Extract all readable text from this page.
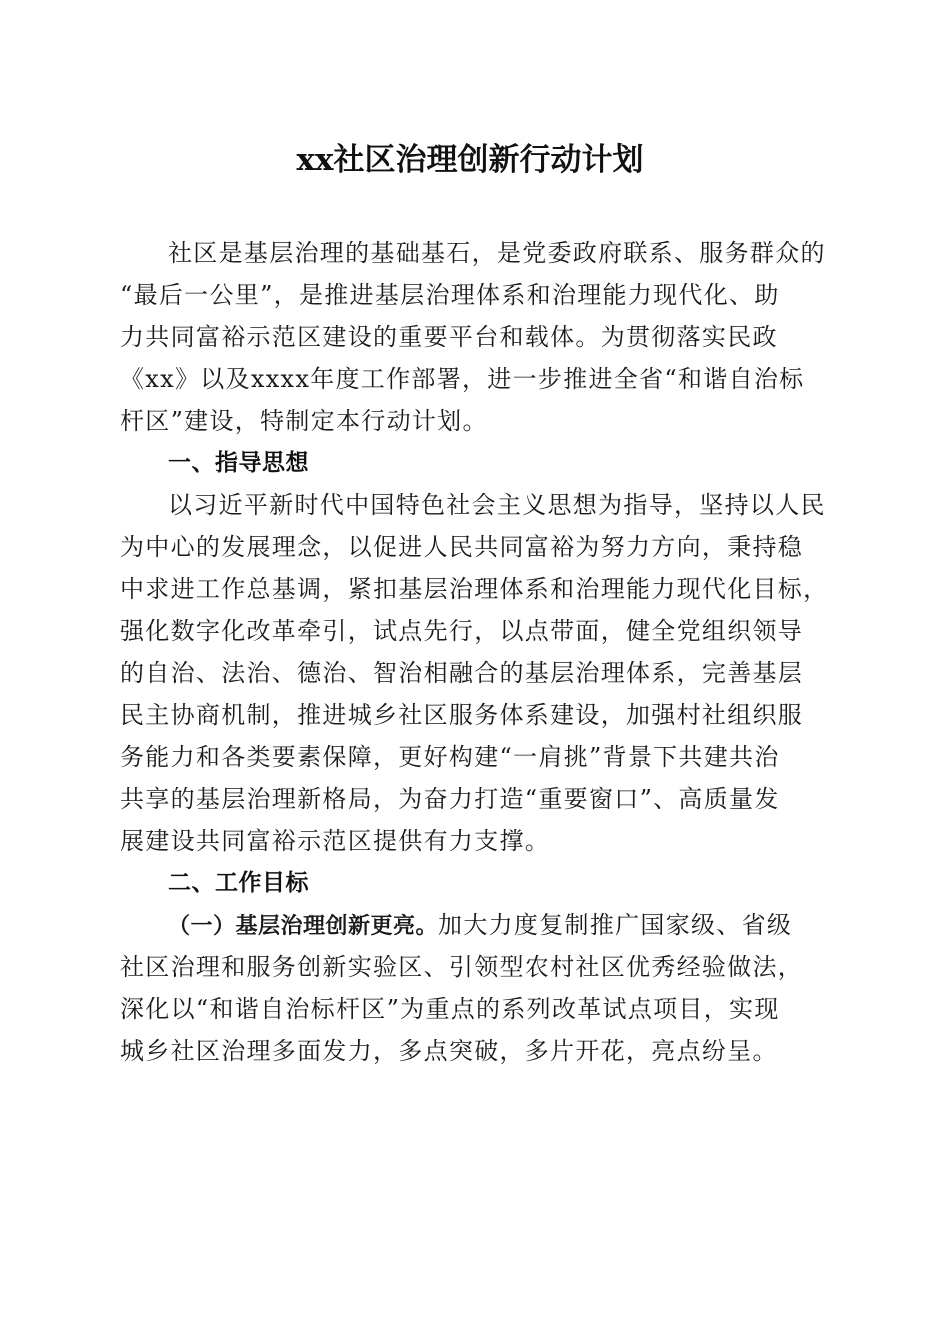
xx社区治理创新行动计划
社区是基层治理的基础基石，是党委政府联系、服务群众的
“最后一公里”，是推进基层治理体系和治理能力现代化、助
力共同富裕示范区建设的重要平台和载体。为贯彻落实民政
《xx》以及xxxx年度工作部署，进一步推进全省“和谐自治标
杆区”建设，特制定本行动计划。
一、指导思想
以习近平新时代中国特色社会主义思想为指导，坚持以人民
为中心的发展理念，以促进人民共同富裕为努力方向，秉持稳
中求进工作总基调，紧扣基层治理体系和治理能力现代化目标，
强化数字化改革牵引，试点先行，以点带面，健全党组织领导
的自治、法治、德治、智治相融合的基层治理体系，完善基层
民主协商机制，推进城乡社区服务体系建设，加强村社组织服
务能力和各类要素保障，更好构建“一肩挑”背景下共建共治
共享的基层治理新格局，为奋力打造“重要窗口”、高质量发
展建设共同富裕示范区提供有力支撑。
二、工作目标
（一）基层治理创新更亮。加大力度复制推广国家级、省级
社区治理和服务创新实验区、引领型农村社区优秀经验做法，
深化以“和谐自治标杆区”为重点的系列改革试点项目，实现
城乡社区治理多面发力，多点突破，多片开花，亮点纷呈。
